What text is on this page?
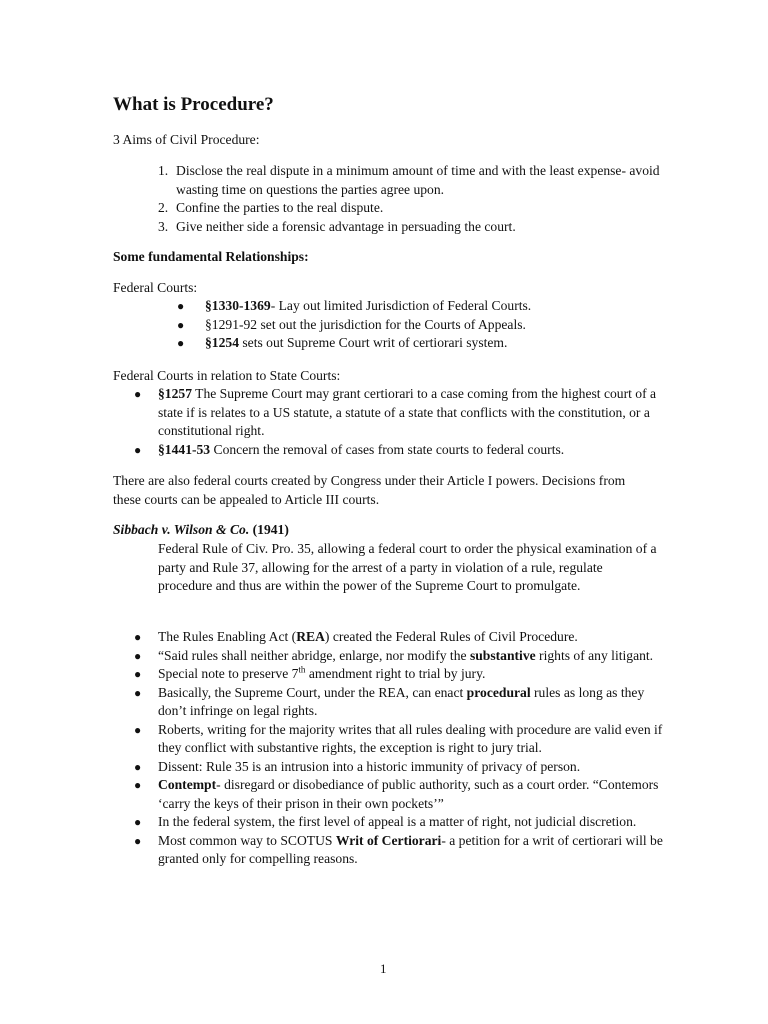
What is Procedure?

3 Aims of Civil Procedure:

1. Disclose the real dispute in a minimum amount of time and with the least expense- avoid wasting time on questions the parties agree upon.
2. Confine the parties to the real dispute.
3. Give neither side a forensic advantage in persuading the court.

Some fundamental Relationships:

Federal Courts:

● §1330-1369- Lay out limited Jurisdiction of Federal Courts.
● §1291-92 set out the jurisdiction for the Courts of Appeals.
● §1254 sets out Supreme Court writ of certiorari system.

Federal Courts in relation to State Courts:

● §1257 The Supreme Court may grant certiorari to a case coming from the highest court of a state if is relates to a US statute, a statute of a state that conflicts with the constitution, or a constitutional right.
● §1441-53 Concern the removal of cases from state courts to federal courts.

There are also federal courts created by Congress under their Article I powers. Decisions from these courts can be appealed to Article III courts.

Sibbach v. Wilson & Co. (1941)

Federal Rule of Civ. Pro. 35, allowing a federal court to order the physical examination of a party and Rule 37, allowing for the arrest of a party in violation of a rule, regulate procedure and thus are within the power of the Supreme Court to promulgate.

● The Rules Enabling Act (REA) created the Federal Rules of Civil Procedure.
● “Said rules shall neither abridge, enlarge, nor modify the substantive rights of any litigant.
● Special note to preserve 7th amendment right to trial by jury.
● Basically, the Supreme Court, under the REA, can enact procedural rules as long as they don’t infringe on legal rights.
● Roberts, writing for the majority writes that all rules dealing with procedure are valid even if they conflict with substantive rights, the exception is right to jury trial.
● Dissent: Rule 35 is an intrusion into a historic immunity of privacy of person.
● Contempt- disregard or disobediance of public authority, such as a court order. “Contemors ‘carry the keys of their prison in their own pockets’”
● In the federal system, the first level of appeal is a matter of right, not judicial discretion.
● Most common way to SCOTUS Writ of Certiorari- a petition for a writ of certiorari will be granted only for compelling reasons.
1
